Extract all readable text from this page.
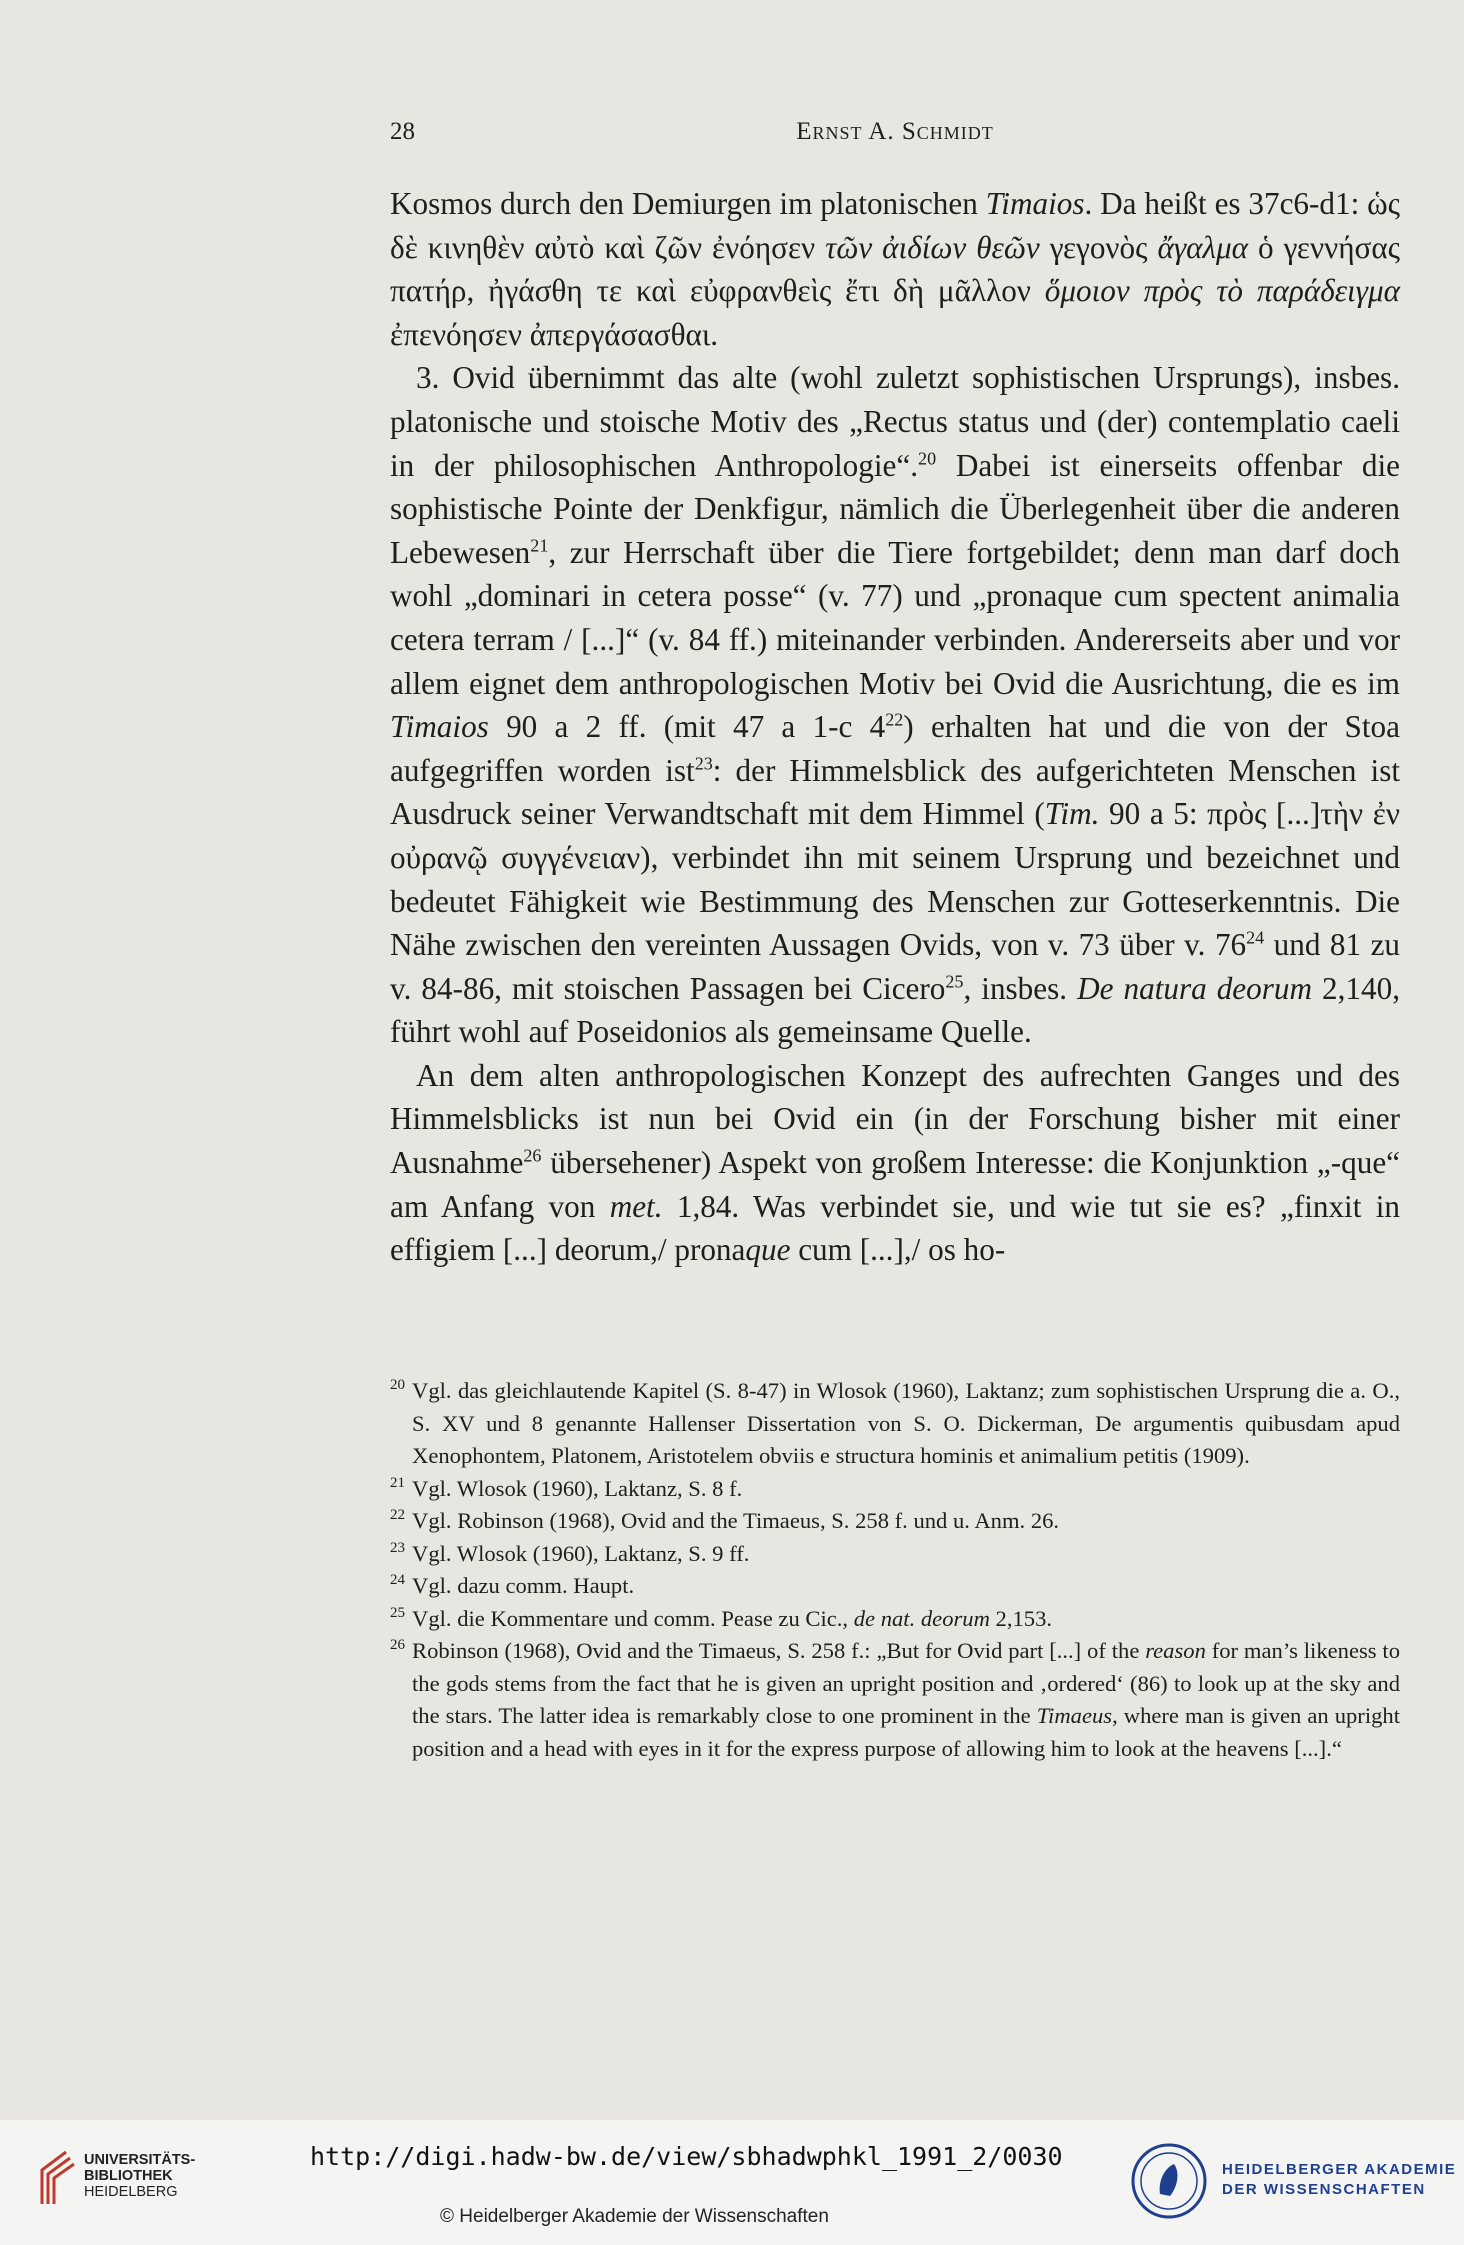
28	Ernst A. Schmidt

Kosmos durch den Demiurgen im platonischen Timaios. Da heißt es 37c6-d1: ὡς δὲ κινηθὲν αὐτὸ καὶ ζῶν ἐνόησεν τῶν ἀιδίων θεῶν γεγονὸς ἄγαλμα ὁ γεννήσας πατήρ, ἠγάσθη τε καὶ εὐφρανθεὶς ἔτι δὴ μᾶλλον ὅμοιον πρὸς τὸ παράδειγμα ἐπενόησεν ἀπεργάσασθαι.

3. Ovid übernimmt das alte (wohl zuletzt sophistischen Ursprungs), insbes. platonische und stoische Motiv des „Rectus status und (der) contemplatio caeli in der philosophischen Anthropologie“.$^{20}$ Dabei ist einerseits offenbar die sophistische Pointe der Denkfigur, nämlich die Überlegenheit über die anderen Lebewesen$^{21}$, zur Herrschaft über die Tiere fortgebildet; denn man darf doch wohl „dominari in cetera posse“ (v. 77) und „pronaque cum spectent animalia cetera terram / [...]“ (v. 84 ff.) miteinander verbinden. Andererseits aber und vor allem eignet dem anthropologischen Motiv bei Ovid die Ausrichtung, die es im Timaios 90 a 2 ff. (mit 47 a 1-c $4^{22}$) erhalten hat und die von der Stoa aufgegriffen worden ist$^{23}$: der Himmelsblick des aufgerichteten Menschen ist Ausdruck seiner Verwandtschaft mit dem Himmel (Tim. 90 a 5: πρὸς [...]τὴν ἐν οὐρανῷ συγγένειαν), verbindet ihn mit seinem Ursprung und bezeichnet und bedeutet Fähigkeit wie Bestimmung des Menschen zur Gotteserkenntnis. Die Nähe zwischen den vereinten Aussagen Ovids, von v. 73 über v. $76^{24}$ und 81 zu v. 84-86, mit stoischen Passagen bei Cicero$^{25}$, insbes. De natura deorum 2,140, führt wohl auf Poseidonios als gemeinsame Quelle.

An dem alten anthropologischen Konzept des aufrechten Ganges und des Himmelsblicks ist nun bei Ovid ein (in der Forschung bisher mit einer Ausnahme$^{26}$ übersehener) Aspekt von großem Interesse: die Konjunktion „-que“ am Anfang von met. 1,84. Was verbindet sie, und wie tut sie es? „finxit in effigiem [...] deorum,/ pronaque cum [...],/ os ho-

20 Vgl. das gleichlautende Kapitel (S. 8-47) in Wlosok (1960), Laktanz; zum sophistischen Ursprung die a. O., S. XV und 8 genannte Hallenser Dissertation von S. O. Dickerman, De argumentis quibusdam apud Xenophontem, Platonem, Aristotelem obviis e structura hominis et animalium petitis (1909).
21 Vgl. Wlosok (1960), Laktanz, S. 8 f.
22 Vgl. Robinson (1968), Ovid and the Timaeus, S. 258 f. und u. Anm. 26.
23 Vgl. Wlosok (1960), Laktanz, S. 9 ff.
24 Vgl. dazu comm. Haupt.
25 Vgl. die Kommentare und comm. Pease zu Cic., de nat. deorum 2,153.
26 Robinson (1968), Ovid and the Timaeus, S. 258 f.: „But for Ovid part [...] of the reason for man’s likeness to the gods stems from the fact that he is given an upright position and ‚ordered‘ (86) to look up at the sky and the stars. The latter idea is remarkably close to one prominent in the Timaeus, where man is given an upright position and a head with eyes in it for the express purpose of allowing him to look at the heavens [...].“
UNIVERSITÄTS-
BIBLIOTHEK
HEIDELBERG
http://digi.hadw-bw.de/view/sbhadwphkl_1991_2/0030
© Heidelberger Akademie der Wissenschaften
HEIDELBERGER AKADEMIE
DER WISSENSCHAFTEN
